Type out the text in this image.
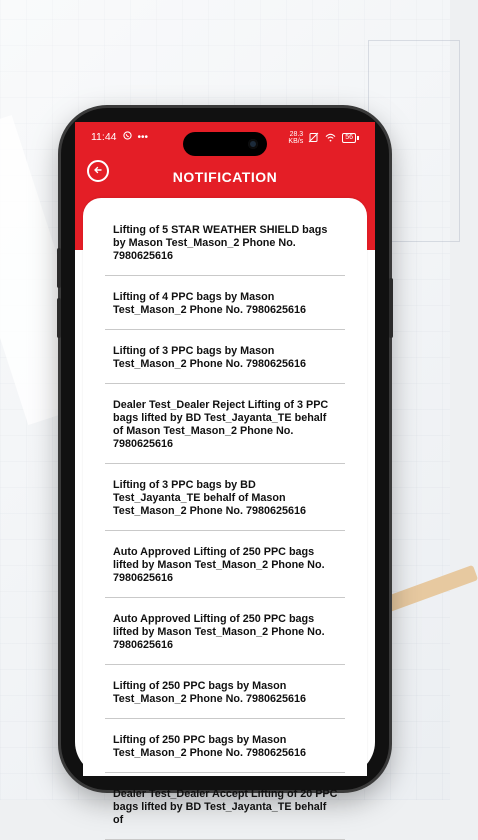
11:44 •••	28.3
KB/s
56
NOTIFICATION
Lifting of 5 STAR WEATHER SHIELD bags by Mason Test_Mason_2 Phone No. 7980625616
Lifting of 4 PPC bags by Mason Test_Mason_2 Phone No. 7980625616
Lifting of 3 PPC bags by Mason Test_Mason_2 Phone No. 7980625616
Dealer Test_Dealer Reject Lifting of 3 PPC bags lifted by BD Test_Jayanta_TE behalf of Mason Test_Mason_2 Phone No. 7980625616
Lifting of 3 PPC bags by BD Test_Jayanta_TE behalf of Mason Test_Mason_2 Phone No. 7980625616
Auto Approved Lifting of 250 PPC bags lifted by Mason Test_Mason_2 Phone No. 7980625616
Auto Approved Lifting of 250 PPC bags lifted by Mason Test_Mason_2 Phone No. 7980625616
Lifting of 250 PPC bags by Mason Test_Mason_2 Phone No. 7980625616
Lifting of 250 PPC bags by Mason Test_Mason_2 Phone No. 7980625616
Dealer Test_Dealer Accept Lifting of 20 PPC bags lifted by BD Test_Jayanta_TE behalf of
